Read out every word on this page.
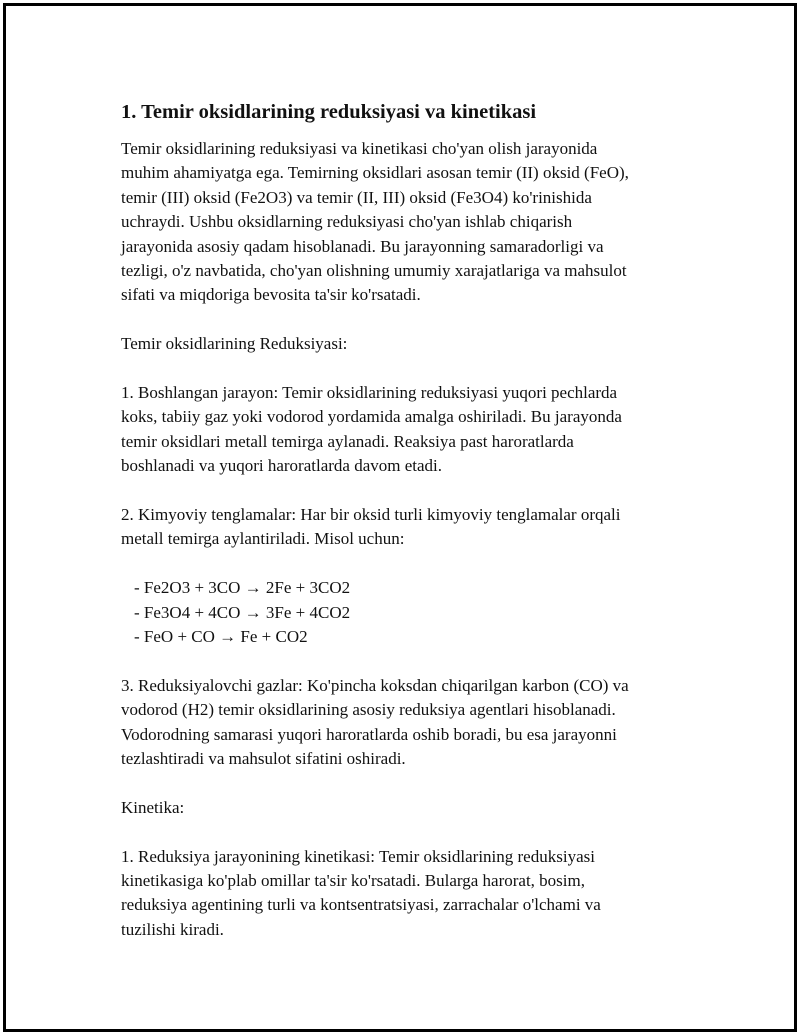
1. Temir oksidlarining reduksiyasi va kinetikasi

Temir oksidlarining reduksiyasi va kinetikasi cho'yan olish jarayonida
muhim ahamiyatga ega. Temirning oksidlari asosan temir (II) oksid (FeO),
temir (III) oksid (Fe2O3) va temir (II, III) oksid (Fe3O4) ko'rinishida
uchraydi. Ushbu oksidlarning reduksiyasi cho'yan ishlab chiqarish
jarayonida asosiy qadam hisoblanadi. Bu jarayonning samaradorligi va
tezligi, o'z navbatida, cho'yan olishning umumiy xarajatlariga va mahsulot
sifati va miqdoriga bevosita ta'sir ko'rsatadi.

Temir oksidlarining Reduksiyasi:

1. Boshlangan jarayon: Temir oksidlarining reduksiyasi yuqori pechlarda
koks, tabiiy gaz yoki vodorod yordamida amalga oshiriladi. Bu jarayonda
temir oksidlari metall temirga aylanadi. Reaksiya past haroratlarda
boshlanadi va yuqori haroratlarda davom etadi.

2. Kimyoviy tenglamalar: Har bir oksid turli kimyoviy tenglamalar orqali
metall temirga aylantiriladi. Misol uchun:

- Fe2O3 + 3CO → 2Fe + 3CO2
- Fe3O4 + 4CO → 3Fe + 4CO2
- FeO + CO → Fe + CO2

3. Reduksiyalovchi gazlar: Ko'pincha koksdan chiqarilgan karbon (CO) va
vodorod (H2) temir oksidlarining asosiy reduksiya agentlari hisoblanadi.
Vodorodning samarasi yuqori haroratlarda oshib boradi, bu esa jarayonni
tezlashtiradi va mahsulot sifatini oshiradi.

Kinetika:

1. Reduksiya jarayonining kinetikasi: Temir oksidlarining reduksiyasi
kinetikasiga ko'plab omillar ta'sir ko'rsatadi. Bularga harorat, bosim,
reduksiya agentining turli va kontsentratsiyasi, zarrachalar o'lchami va
tuzilishi kiradi.
